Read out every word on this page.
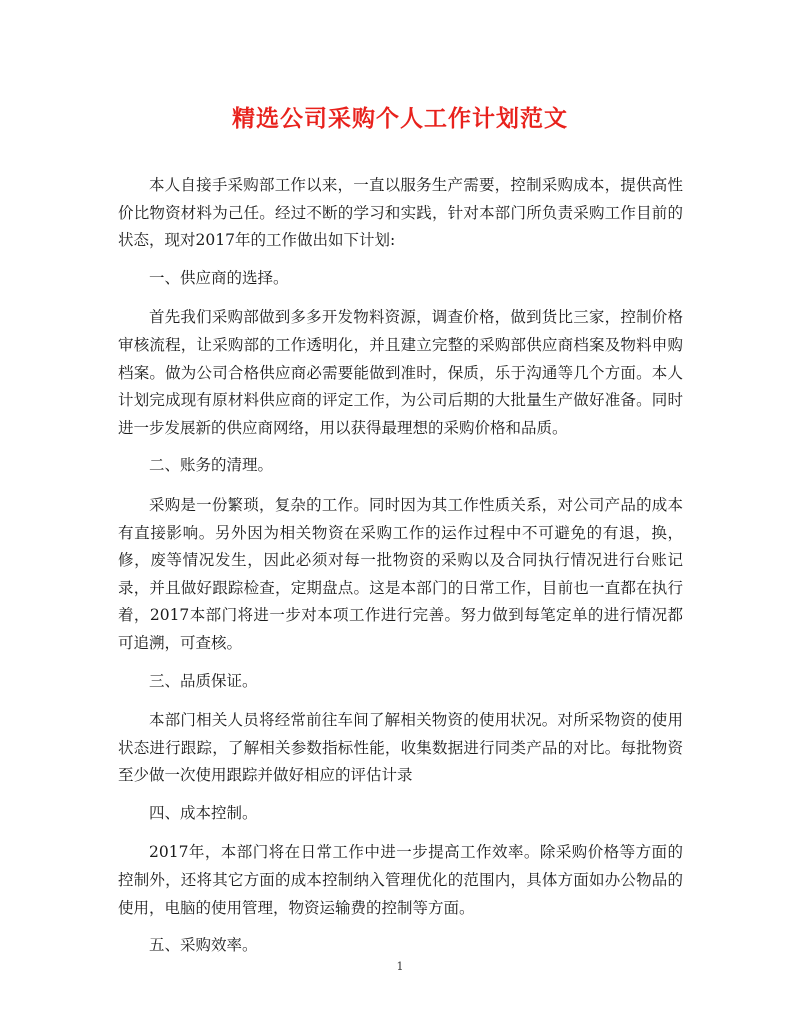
精选公司采购个人工作计划范文

本人自接手采购部工作以来，一直以服务生产需要，控制采购成本，提供高性价比物资材料为己任。经过不断的学习和实践，针对本部门所负责采购工作目前的状态，现对2017年的工作做出如下计划:

一、供应商的选择。

首先我们采购部做到多多开发物料资源，调查价格，做到货比三家，控制价格审核流程，让采购部的工作透明化，并且建立完整的采购部供应商档案及物料申购档案。做为公司合格供应商必需要能做到准时，保质，乐于沟通等几个方面。本人计划完成现有原材料供应商的评定工作，为公司后期的大批量生产做好准备。同时进一步发展新的供应商网络，用以获得最理想的采购价格和品质。

二、账务的清理。

采购是一份繁琐，复杂的工作。同时因为其工作性质关系，对公司产品的成本有直接影响。另外因为相关物资在采购工作的运作过程中不可避免的有退，换，修，废等情况发生，因此必须对每一批物资的采购以及合同执行情况进行台账记录，并且做好跟踪检查，定期盘点。这是本部门的日常工作，目前也一直都在执行着，2017本部门将进一步对本项工作进行完善。努力做到每笔定单的进行情况都可追溯，可查核。

三、品质保证。

本部门相关人员将经常前往车间了解相关物资的使用状况。对所采物资的使用状态进行跟踪，了解相关参数指标性能，收集数据进行同类产品的对比。每批物资至少做一次使用跟踪并做好相应的评估计录

四、成本控制。

2017年，本部门将在日常工作中进一步提高工作效率。除采购价格等方面的控制外，还将其它方面的成本控制纳入管理优化的范围内，具体方面如办公物品的使用，电脑的使用管理，物资运输费的控制等方面。

五、采购效率。

1
